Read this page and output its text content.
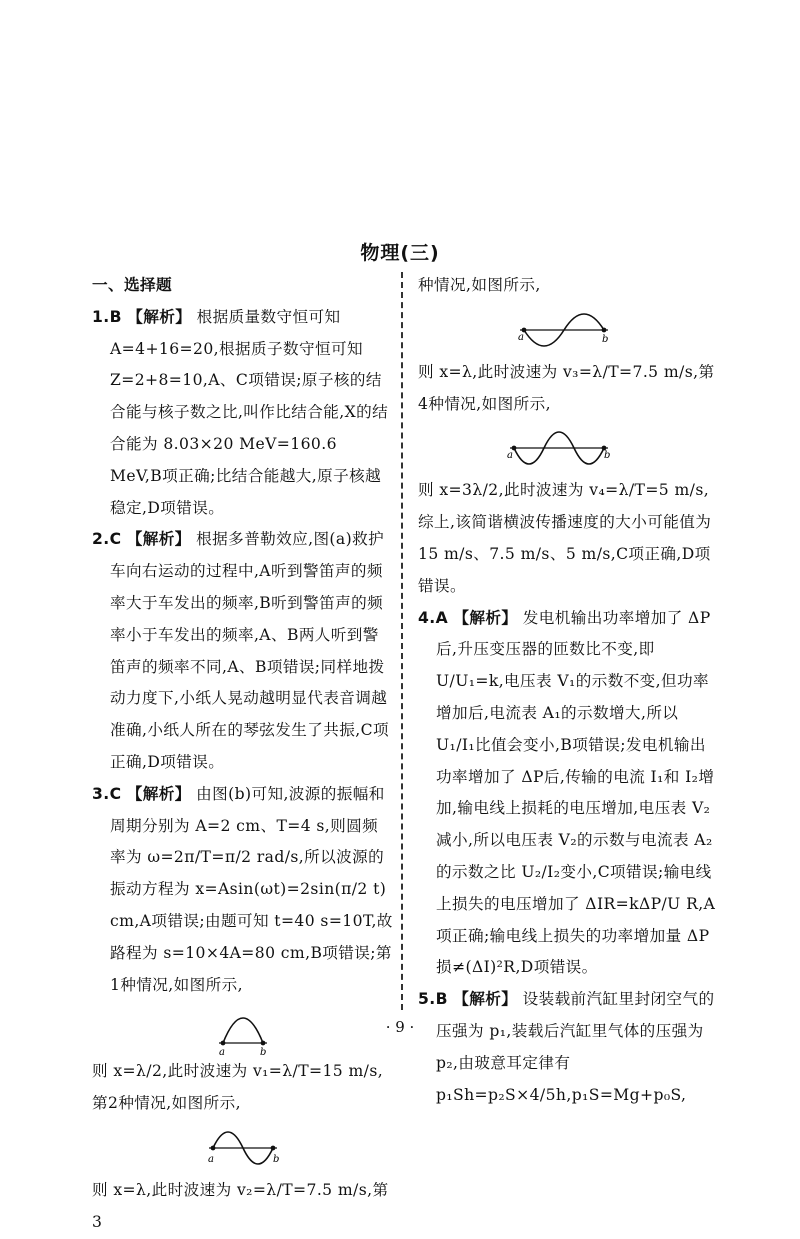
物理(三)
一、选择题
1.B 【解析】 根据质量数守恒可知 A=4+16=20,根据质子数守恒可知 Z=2+8=10,A、C项错误;原子核的结合能与核子数之比,叫作比结合能,X的结合能为 8.03×20 MeV=160.6 MeV,B项正确;比结合能越大,原子核越稳定,D项错误。
2.C 【解析】 根据多普勒效应,图(a)救护车向右运动的过程中,A听到警笛声的频率大于车发出的频率,B听到警笛声的频率小于车发出的频率,A、B两人听到警笛声的频率不同,A、B项错误;同样地拨动力度下,小纸人晃动越明显代表音调越准确,小纸人所在的琴弦发生了共振,C项正确,D项错误。
3.C 【解析】 由图(b)可知,波源的振幅和周期分别为 A=2 cm、T=4 s,则圆频率为 ω=2π/T=π/2 rad/s,所以波源的振动方程为 x=Asin(ωt)=2sin(π/2 t) cm,A项错误;由题可知 t=40 s=10T,故路程为 s=10×4A=80 cm,B项错误;第1种情况,如图所示,
a	b

则 x=λ/2,此时波速为 v₁=λ/T=15 m/s,第2种情况,如图所示,

a	b

则 x=λ,此时波速为 v₂=λ/T=7.5 m/s,第3

种情况,如图所示,

a	b

则 x=λ,此时波速为 v₃=λ/T=7.5 m/s,第4种情况,如图所示,

a	b

则 x=3λ/2,此时波速为 v₄=λ/T=5 m/s,综上,该简谐横波传播速度的大小可能值为 15 m/s、7.5 m/s、5 m/s,C项正确,D项错误。

4.A 【解析】 发电机输出功率增加了 ΔP后,升压变压器的匝数比不变,即 U/U₁=k,电压表 V₁的示数不变,但功率增加后,电流表 A₁的示数增大,所以 U₁/I₁比值会变小,B项错误;发电机输出功率增加了 ΔP后,传输的电流 I₁和 I₂增加,输电线上损耗的电压增加,电压表 V₂减小,所以电压表 V₂的示数与电流表 A₂的示数之比 U₂/I₂变小,C项错误;输电线上损失的电压增加了 ΔIR=kΔP/U R,A项正确;输电线上损失的功率增加量 ΔP损≠(ΔI)²R,D项错误。
5.B 【解析】 设装载前汽缸里封闭空气的压强为 p₁,装载后汽缸里气体的压强为 p₂,由玻意耳定律有 p₁Sh=p₂S×4/5h,p₁S=Mg+p₀S,
· 9 ·
